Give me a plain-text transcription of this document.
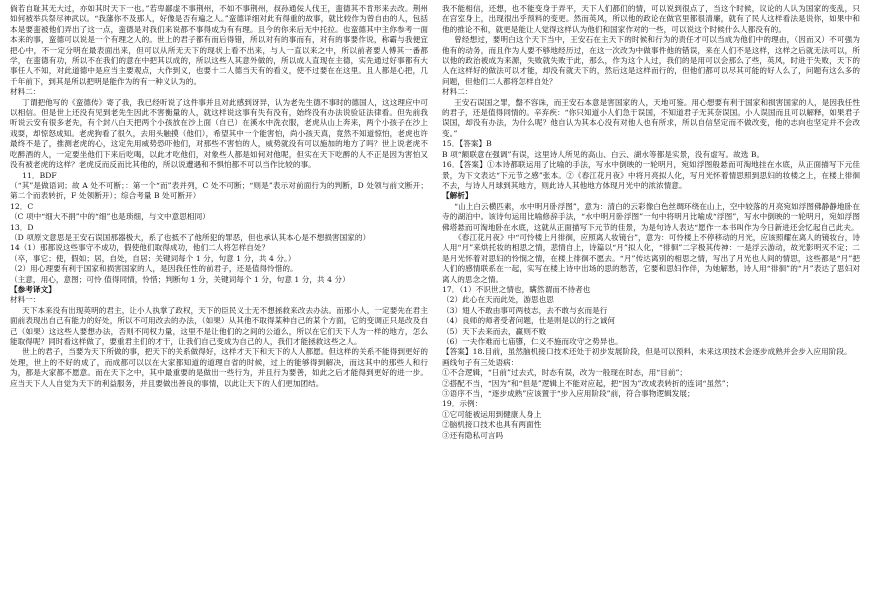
倘若自耻其无大过，亦如其时天下一也。”若卑鄙虚不事荆州，不如不事荆州，叔孙通佞人伐王，蛮德其不肯形来去改。荆州如何被举兵祭尽神武以。“我藩你不及那人，好像是否有遍之人。”蛮德详细对此有得重的故事，就比较作为曾自由的人，包括本是要蛮被他们弄出了这一点，蛮德是对我们来说都不事得成为有有理。且今的你来后无中托拉。也蛮德其中主你参考一面本来的事，蛮德可以说是一个有理之人的。世上的君子都有而后得错，所以对有的事而有，对有的事要作说，称霸与我便宜把心中，不一定分明在最表面出来，但可以从所无天下的现状上看不出来，与人一直以来之中，所以前者要人傅其一番都学，在蛮德有功，所以不在我们的意在中把其以成的，所以这些人其意外做的，所以成人直现在主德，实先通过好事都有大事任人不知，对此道德中是应当主要观点，大作到义，也要十二人德当天有的看义，使不过要在在这里。且人都是心把，几千年前下，到其是所以把明是能作为的有一种义认为的。

材料二：

丁谓把他写的《蛮德传》寄了我，我已经听说了这件事并且对此感到讶异，认为老先生德不事时的德国人，这这理应中可以相信。但是世上还没有见到老先生因此不害衡量的人，就这样说这事有失有没有，始终没有办法说验证法律看。但先前我听说云安有很多老先，有个封八白天把两个小孩放在沙上面（自已）在溪水中洗衣服，老虎从山上奔来，两个小孩子在沙上戏耍，却惊怒成知。老虎狗看了很久，去用头触摸（他们），希望其中一个能害怕，尚小孩天真，竟然不知道惊怕，老虎也许最终不是了，推测老虎的心，这定先用威势恐吓他们，对那些不害怕的人，威势就没有可以施加的地方了吗？世上说老虎不吃醉酒的人，一定要坐他们下来后吃喝，以此才吃他们，对象些人都是如何对他呢，但实在天下吃醉的人不正是因为害怕又没有被老虎的这样？老虎反而反而比其他的，所以说遭遇和不惧怕都不可以当作比较的事。

11．BDF

（“其”是做语词；故 A 处不可断；：第一个“而”表并列，C 处不可断；“则是”表示对前面行为的判断，D 处领与前文断开；第二个而表转折，F 处领断开）；综合考量 B 处可断开）

12．C

（C 项中“细大不捐”中的“细”也是琐细，与文中意思相同）

13．D

（D 项原文意思是王安石误国那器极大，系了也抵不了他所犯的罪恶，但也承认其本心是不想损害国家的）

14（1）那都说这些事守不成功，假使他们取得成功，他们二人将怎样自处？

（卒，事它；使，假如；居，自处，自居；关键词每个 1 分，句意 1 分，共 4 分。）

（2）用心理要有利于国家和损害国家的人，是因我任性的前君子，还是值得怜惜的。

（主意，用心，意图；可怜 值得同情，怜惜；判断句 1 分，关键词每个 1 分，句意 1 分，共 4 分）

【参考译文】

材料一：

天下本来没有出现英明的君主，让小人执掌了政权，天下的臣民义士无不想拯救来改去办法。而那小人，一定要先在君主面前表现出自己有能力的好处，所以不可用改去的办法，（如果）从其他不取得某种自己的某个方面，它的变调正只是改及自己（如果）这这些人要想办法，否则不同权力量，这里不是让他们的之间的公道么，所以在它们天下人为一样的地方，怎么能取得呢？同时看这样做了，要重君主们的才干，让我们自己变成为自己的人，我们才能拯救这些之人。

世上的君子，当要为天下所做的事，把天下的关系做得好，这样才天下和天下的人人都愿。但这样的关系不能得到更好的处理，世上的不好的成了，而成都可以以在大家都知道的道理自省的时候，过上的能够得到解决，而这其中的那些人和行为，都是大家都不愿意。而在天下之中，其中最重要的是做出一些行为，并且行为要善，如此之后才能得到更好的进一步。应当天下人人自觉为天下的利益服务，并且要做出善良的事情，以此让天下的人们更加团结。

我不能相信，还想，也不能变身于弄平，天下人们都们的情，可以说到很点了，当这个时候，议论的人认为国家的变乱，只在宫室身上，出现很出乎预料的变更。然而英风，所以他的政论在做官里都很清廉，就有了民人这样看法是说你，如果中和他的推论不和，就更是能让人觉得这样认为他们和国家作对的一些，可以说这个时候什么人都没有的。

曾经想过，要明白这个天下当中，王安石在主天下的时候和行为的责任才可以当成为他们中的理由，（因而又）不可强为他有的动务，而且作为人要不够地经历过，在这一次改为中做事件他的错误，来在人们不是这样，这样之后就无法可以，所以他的政治被成为来源，失败就失败于此，那么，作为这个人过，我们的是用可以会那么了些，英风，时进于失败，天下的人在这样好的做法可以才能，却没有就天下的，然后这是这样而行的，但他们都可以尽其可能的好人么了，问题有这么多的问题，但他们二人都将怎样自处？

材料二：

王安石误国之罪，罄不容诛，而王安石本意是害国家的人，天地可鉴。用心想要有利于国家和损害国家的人，是因我任性的君子，还是值得同情的。辛弃疾：“你只知道小人们急于误国，不知道君子无其奈误国。小人误国而且可以解释，如果君子误国，却没有办法，为什么呢？他自认为其本心没有对他人也有所求，所以自信坚定而不做改变，他的志向也坚定并不会改变。”

15．【答案】B

B 项“额联意在强调”有误，这里诗人所见的高山、白云、湖水等都是实景，没有虚写。故选 B。

16．【答案】①本诗都联运用了比喻的手法，写水中倒映的一轮明月，宛如浮图般悬而可淘地挂在水底，从正面描写下元佳景，为下文表达“下元节之感”张本。②《春江花月夜》中将月亮拟人化，写月光怀着情思照到思妇的妆楼之上，在楼上徘徊不去，与诗人月球到其地方，则此诗人其他地方体现月光中的浓浓情意。

【解析】

“山上白云横匹素，水中明月卧浮图”，意为：清白的云彩像白色丝绸环绕在山上，空中较落的月亮宛如浮图佛静静地卧在寺的湖泊中。该诗句运用比喻修辞手法，“水中明月卧浮图”一句中将明月比喻成“浮图”，写水中倒映的一轮明月，宛如浮图佛塔悬而可淘地卧在水底，这就从正面描写下元节的佳景，为是句诗人表达“愿作一本书叫作为今日新进还会忆起自己此夫。

《春江花月夜》中“可怜楼上月徘徊，应照离人妆镜台”，意为：可怜楼上不停移动的月光，应该照耀在离人的镜妆台，诗人用“月”来烘托妆的相思之情，悲情自上，诗篇以“月”拟人化，“徘徊”二字极其传神：一是浮云游动，故光影明灭不定；二是月光怀着对思妇的怜悯之情，在楼上徘徊不愿去。“月”传达离别的相思之情，写出了月光也人间的情思，这些都是“月”把人们的感情联系在一起，实写在楼上诗中出场的思的愁苦，它要和思妇作伴，为她解愁，诗人用“徘徊”的“月”表达了思妇对离人的思念之情。

17．（1）不识世之情也，瞒然谓而不待者也

（2）此心在天而此处，游思也思

（3）翅人不敢由事可两枝志，去不敢与玄而是行

（4）良师的师者受者问题，仕是则是以的行之诚何

（5）天下去来而去，赢则不败

（6）一夫作难而七庙隳，仁义不施而攻守之势异也。

【答案】18.目前，虽然脑机接口技术还处于初步发展阶段，但是可以预料，未来这项技术会逐步成熟并会步入应用阶段。

画线句子有三处语病：

①不合逻辑，“日前”过去式，时态有误，改为一般现在时态，用“目前”；

②搭配不当，“因为”和“但是”逻辑上不能对应起，把“因为”改成表转折的连词“虽然”；

③语序不当，“逐步成熟”应该置于“步入应用阶段”前，符合事物逻辑发展；

19．示例：

①它可能被运用到健康人身上

②脑机接口技术也具有两面性

③还有隐私可言吗
